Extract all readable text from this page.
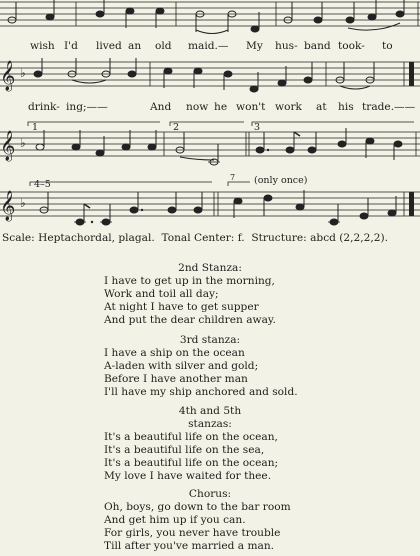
wish I'd lived an old maid.— My hus- band took- to
𝄞 ♭
drink- ing;——	And now he won't work at his trade.——
1	2	3
𝄞 ♭
4–5	(only once)
7
𝄞 ♭
Scale: Heptachordal, plagal. Tonal Center: f. Structure: abcd (2,2,2,2).
2nd Stanza:
I have to get up in the morning,
Work and toil all day;
At night I have to get supper
And put the dear children away.
3rd stanza:
I have a ship on the ocean
A-laden with silver and gold;
Before I have another man
I'll have my ship anchored and sold.
4th and 5th
stanzas:
It's a beautiful life on the ocean,
It's a beautiful life on the sea,
It's a beautiful life on the ocean;
My love I have waited for thee.
Chorus:
Oh, boys, go down to the bar room
And get him up if you can.
For girls, you never have trouble
Till after you've married a man.
